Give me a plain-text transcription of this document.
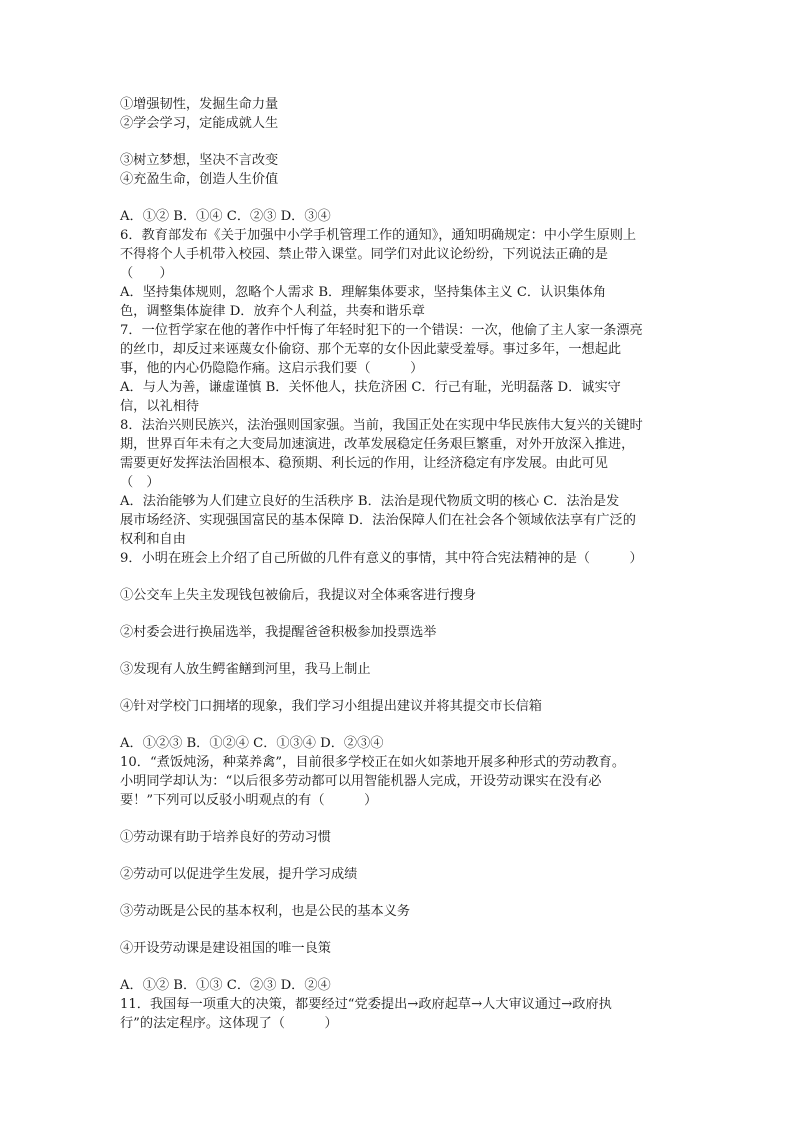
①增强韧性，发掘生命力量
②学会学习，定能成就人生
③树立梦想，坚决不言改变
④充盈生命，创造人生价值
A．①② B．①④ C．②③ D．③④
6．教育部发布《关于加强中小学手机管理工作的通知》，通知明确规定：中小学生原则上
不得将个人手机带入校园、禁止带入课堂。同学们对此议论纷纷，下列说法正确的是
（　　）
A．坚持集体规则，忽略个人需求 B．理解集体要求，坚持集体主义 C．认识集体角
色，调整集体旋律 D．放弃个人利益，共奏和谐乐章
7．一位哲学家在他的著作中忏悔了年轻时犯下的一个错误：一次，他偷了主人家一条漂亮
的丝巾，却反过来诬蔑女仆偷窃、那个无辜的女仆因此蒙受羞辱。事过多年，一想起此
事，他的内心仍隐隐作痛。这启示我们要（　　　）
A．与人为善，谦虚谨慎 B．关怀他人，扶危济困 C．行己有耻，光明磊落 D．诚实守
信，以礼相待
8．法治兴则民族兴，法治强则国家强。当前，我国正处在实现中华民族伟大复兴的关键时
期，世界百年未有之大变局加速演进，改革发展稳定任务艰巨繁重，对外开放深入推进，
需要更好发挥法治固根本、稳预期、利长远的作用，让经济稳定有序发展。由此可见
（　）
A．法治能够为人们建立良好的生活秩序 B．法治是现代物质文明的核心 C．法治是发
展市场经济、实现强国富民的基本保障 D．法治保障人们在社会各个领域依法享有广泛的
权利和自由
9．小明在班会上介绍了自己所做的几件有意义的事情，其中符合宪法精神的是（　　　）
①公交车上失主发现钱包被偷后，我提议对全体乘客进行搜身
②村委会进行换届选举，我提醒爸爸积极参加投票选举
③发现有人放生鳄雀鳝到河里，我马上制止
④针对学校门口拥堵的现象，我们学习小组提出建议并将其提交市长信箱
A．①②③ B．①②④ C．①③④ D．②③④
10．“煮饭炖汤，种菜养禽”，目前很多学校正在如火如荼地开展多种形式的劳动教育。
小明同学却认为：“以后很多劳动都可以用智能机器人完成，开设劳动课实在没有必
要！”下列可以反驳小明观点的有（　　　）
①劳动课有助于培养良好的劳动习惯
②劳动可以促进学生发展，提升学习成绩
③劳动既是公民的基本权利，也是公民的基本义务
④开设劳动课是建设祖国的唯一良策
A．①② B．①③ C．②③ D．②④
11．我国每一项重大的决策，都要经过“党委提出→政府起草→人大审议通过→政府执
行”的法定程序。这体现了（　　　）
